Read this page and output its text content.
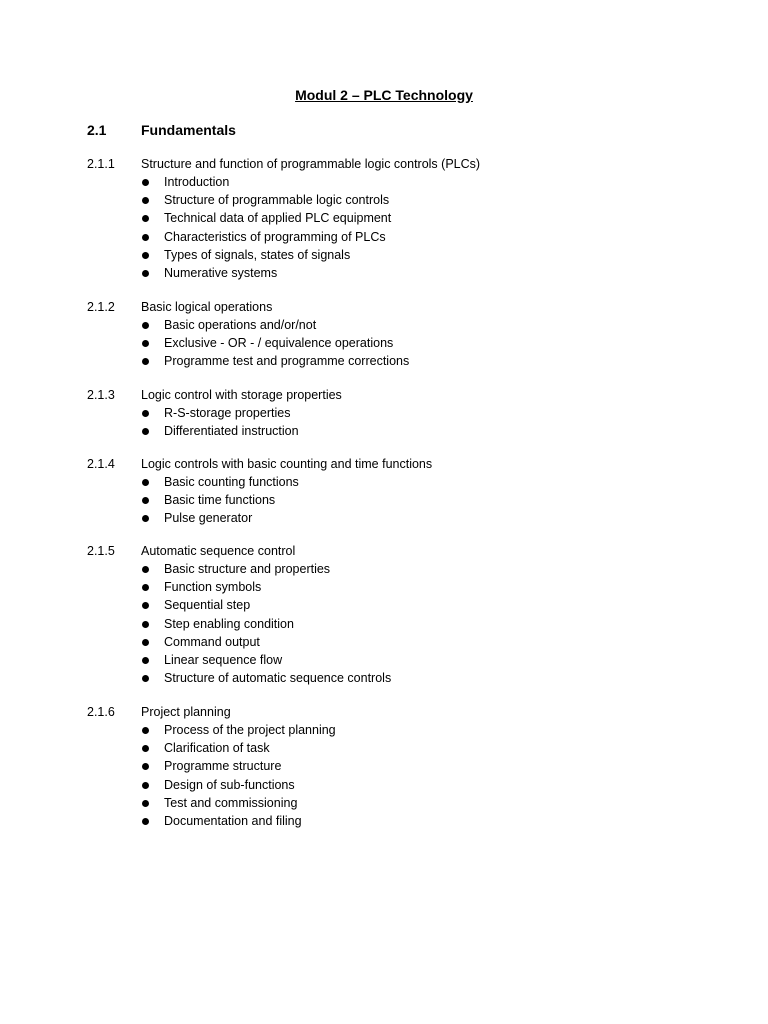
Modul 2 – PLC Technology
2.1 Fundamentals
2.1.1 Structure and function of programmable logic controls (PLCs)
Introduction
Structure of programmable logic controls
Technical data of applied PLC equipment
Characteristics of programming of PLCs
Types of signals, states of signals
Numerative systems
2.1.2 Basic logical operations
Basic operations and/or/not
Exclusive - OR - / equivalence operations
Programme test and programme corrections
2.1.3 Logic control with storage properties
R-S-storage properties
Differentiated instruction
2.1.4 Logic controls with basic counting and time functions
Basic counting functions
Basic time functions
Pulse generator
2.1.5 Automatic sequence control
Basic structure and properties
Function symbols
Sequential step
Step enabling condition
Command output
Linear sequence flow
Structure of automatic sequence controls
2.1.6 Project planning
Process of the project planning
Clarification of task
Programme structure
Design of sub-functions
Test and commissioning
Documentation and filing
